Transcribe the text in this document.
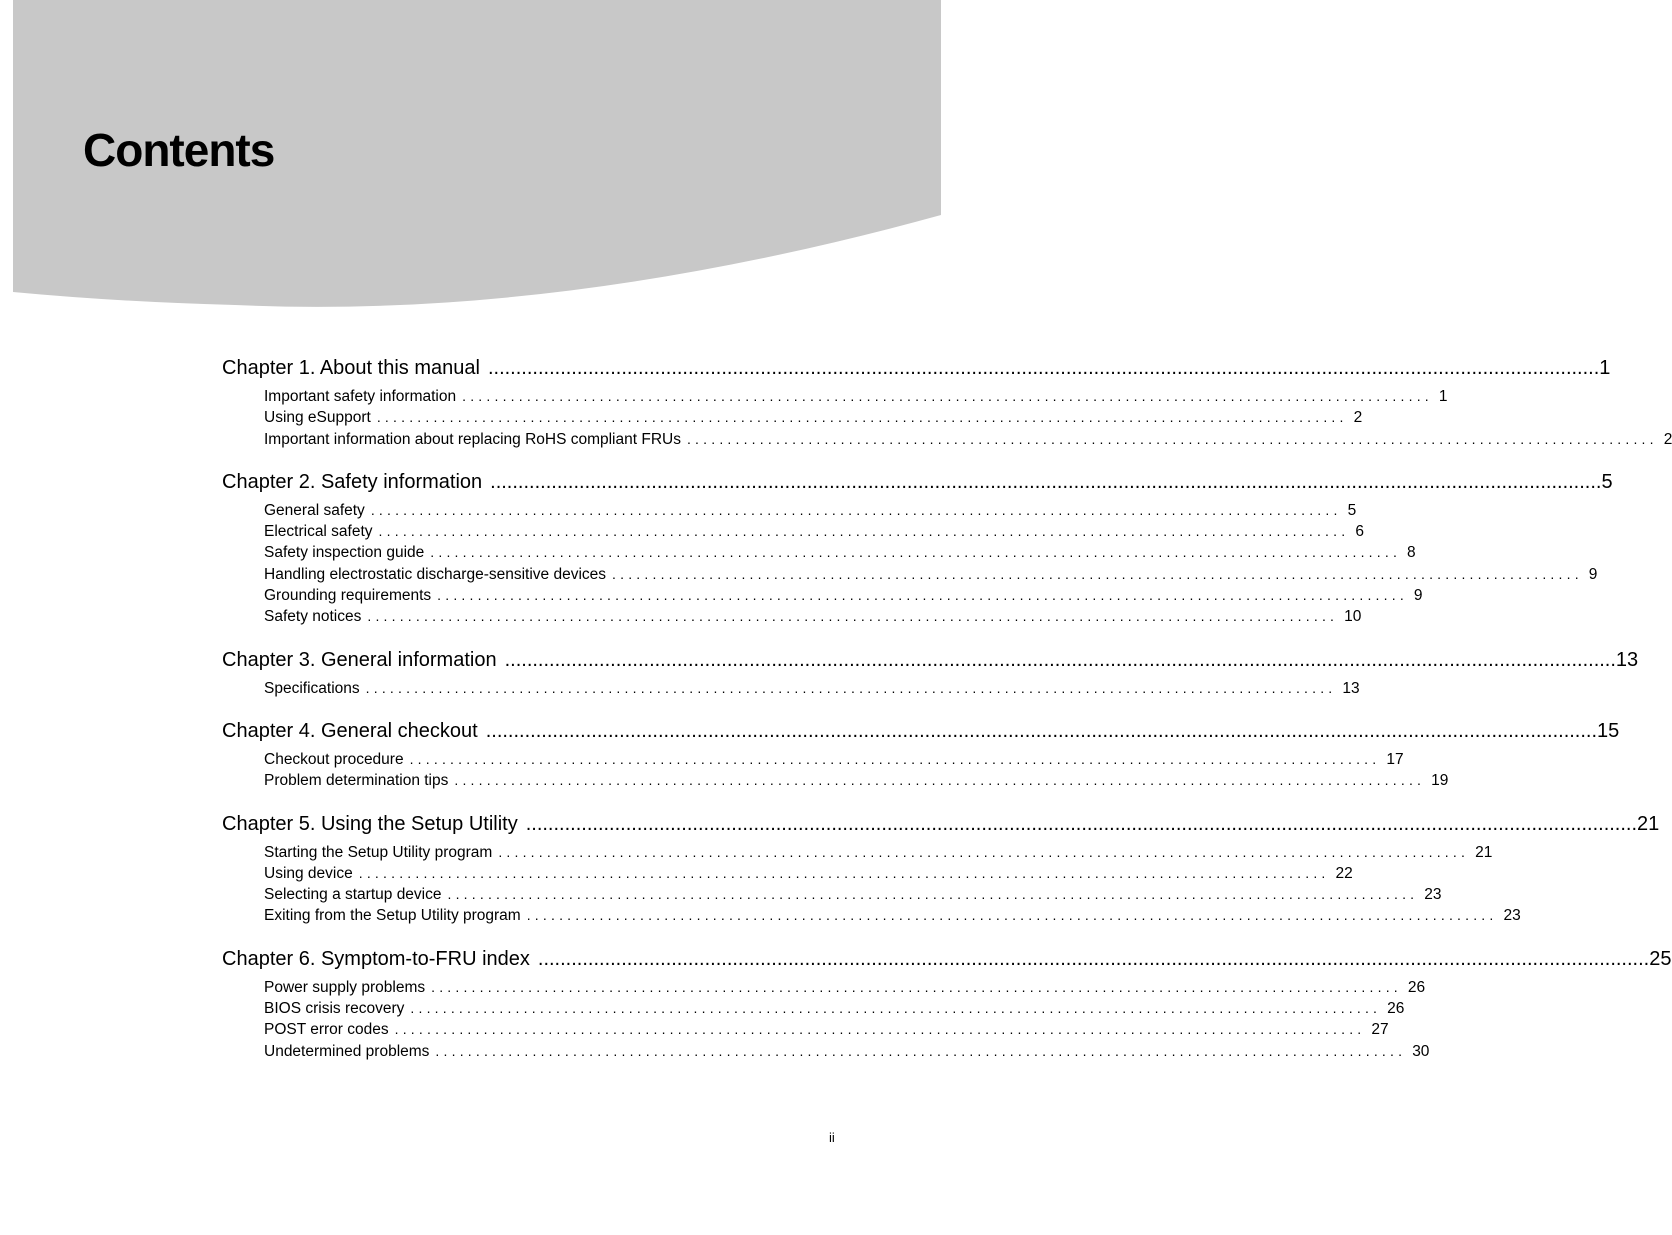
Contents
Chapter 1. About this manual ........................................................................................................................................................................................................ 1
Important safety information ........................................................................................................................ 1
Using eSupport ........................................................................................................................ 2
Important information about replacing RoHS compliant FRUs ........................................................................................................................ 2
Chapter 2. Safety information ........................................................................................................................................................................................................ 5
General safety ........................................................................................................................ 5
Electrical safety ........................................................................................................................ 6
Safety inspection guide ........................................................................................................................ 8
Handling electrostatic discharge-sensitive devices ........................................................................................................................ 9
Grounding requirements ........................................................................................................................ 9
Safety notices ........................................................................................................................ 10
Chapter 3. General information ........................................................................................................................................................................................................ 13
Specifications ........................................................................................................................ 13
Chapter 4. General checkout ........................................................................................................................................................................................................ 15
Checkout procedure ........................................................................................................................ 17
Problem determination tips ........................................................................................................................ 19
Chapter 5. Using the Setup Utility ........................................................................................................................................................................................................ 21
Starting the Setup Utility program ........................................................................................................................ 21
Using device ........................................................................................................................ 22
Selecting a startup device ........................................................................................................................ 23
Exiting from the Setup Utility program ........................................................................................................................ 23
Chapter 6. Symptom-to-FRU index ........................................................................................................................................................................................................ 25
Power supply problems ........................................................................................................................ 26
BIOS crisis recovery ........................................................................................................................ 26
POST error codes ........................................................................................................................ 27
Undetermined problems ........................................................................................................................ 30
ii
